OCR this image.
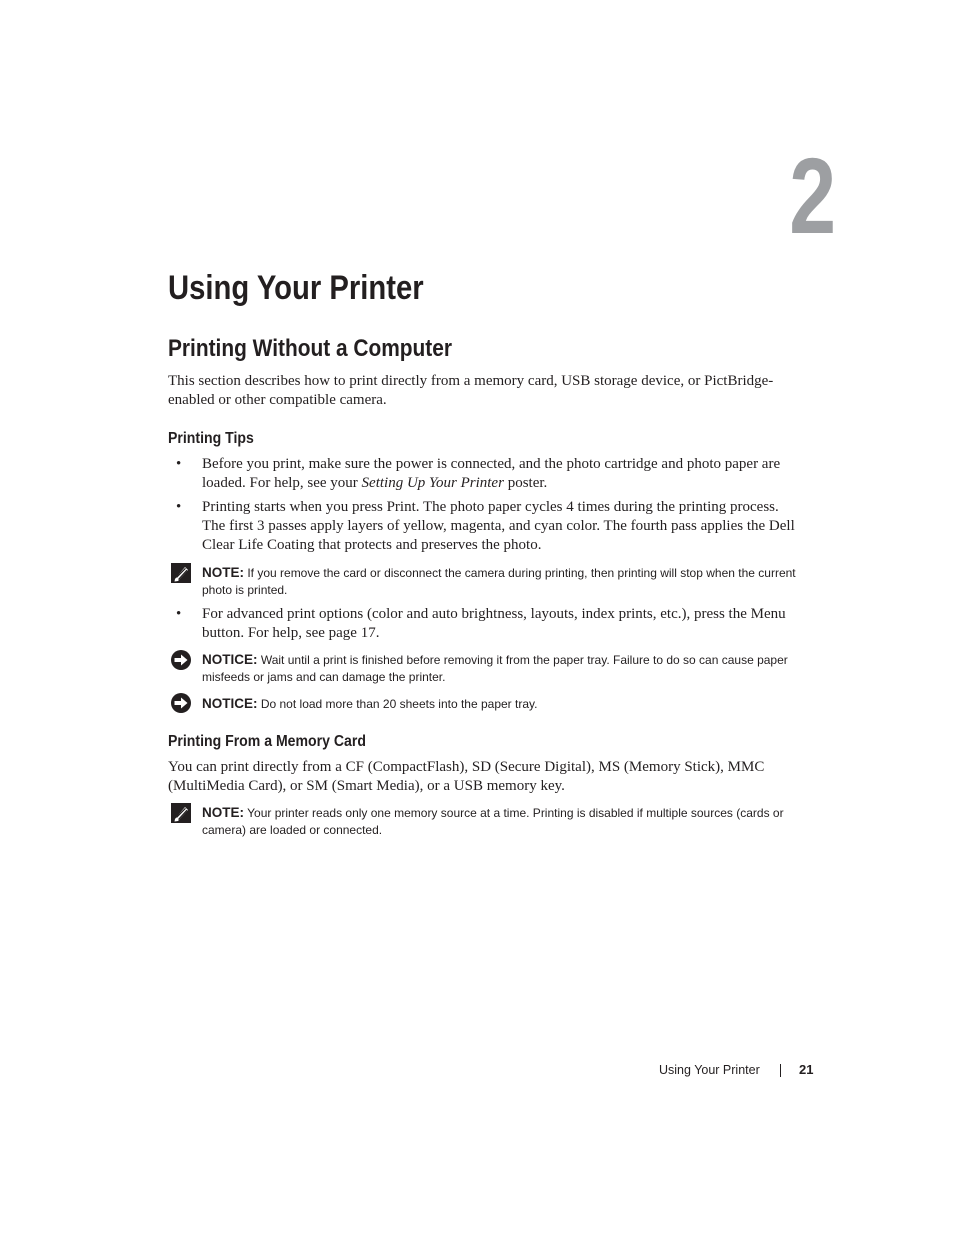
2
Using Your Printer
Printing Without a Computer

This section describes how to print directly from a memory card, USB storage device, or PictBridge-enabled or other compatible camera.

Printing Tips
• Before you print, make sure the power is connected, and the photo cartridge and photo paper are loaded. For help, see your Setting Up Your Printer poster.

• Printing starts when you press Print. The photo paper cycles 4 times during the printing process. The first 3 passes apply layers of yellow, magenta, and cyan color. The fourth pass applies the Dell Clear Life Coating that protects and preserves the photo.

NOTE: If you remove the card or disconnect the camera during printing, then printing will stop when the current photo is printed.

• For advanced print options (color and auto brightness, layouts, index prints, etc.), press the Menu button. For help, see page 17.

NOTICE: Wait until a print is finished before removing it from the paper tray. Failure to do so can cause paper misfeeds or jams and can damage the printer.

NOTICE: Do not load more than 20 sheets into the paper tray.

Printing From a Memory Card

You can print directly from a CF (CompactFlash), SD (Secure Digital), MS (Memory Stick), MMC (MultiMedia Card), or SM (Smart Media), or a USB memory key.

NOTE: Your printer reads only one memory source at a time. Printing is disabled if multiple sources (cards or camera) are loaded or connected.

Using Your Printer	21
